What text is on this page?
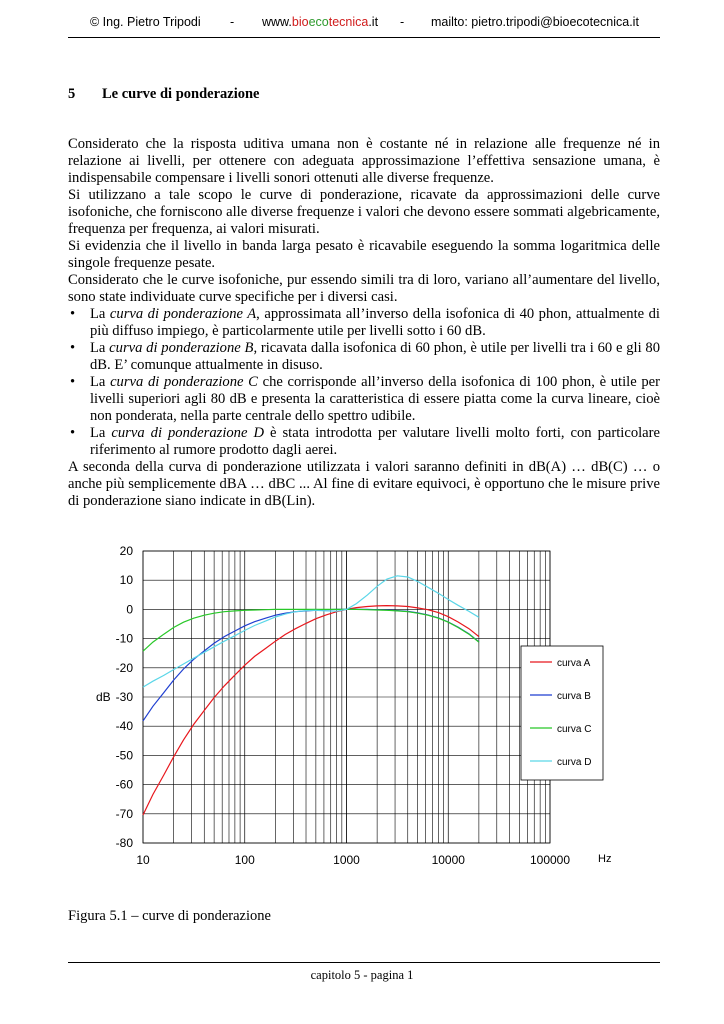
© Ing. Pietro Tripodi - www.bioecotecnica.it - mailto: pietro.tripodi@bioecotecnica.it
5 Le curve di ponderazione

Considerato che la risposta uditiva umana non è costante né in relazione alle frequenze né in relazione ai livelli, per ottenere con adeguata approssimazione l’effettiva sensazione umana, è indispensabile compensare i livelli sonori ottenuti alle diverse frequenze.

Si utilizzano a tale scopo le curve di ponderazione, ricavate da approssimazioni delle curve isofoniche, che forniscono alle diverse frequenze i valori che devono essere sommati algebricamente, frequenza per frequenza, ai valori misurati.

Si evidenzia che il livello in banda larga pesato è ricavabile eseguendo la somma logaritmica delle singole frequenze pesate.

Considerato che le curve isofoniche, pur essendo simili tra di loro, variano all’aumentare del livello, sono state individuate curve specifiche per i diversi casi.

• La curva di ponderazione A, approssimata all’inverso della isofonica di 40 phon, attualmente di più diffuso impiego, è particolarmente utile per livelli sotto i 60 dB.
• La curva di ponderazione B, ricavata dalla isofonica di 60 phon, è utile per livelli tra i 60 e gli 80 dB. E’ comunque attualmente in disuso.
• La curva di ponderazione C che corrisponde all’inverso della isofonica di 100 phon, è utile per livelli superiori agli 80 dB e presenta la caratteristica di essere piatta come la curva lineare, cioè non ponderata, nella parte centrale dello spettro udibile.
• La curva di ponderazione D è stata introdotta per valutare livelli molto forti, con particolare riferimento al rumore prodotto dagli aerei.

A seconda della curva di ponderazione utilizzata i valori saranno definiti in dB(A) … dB(C) … o anche più semplicemente dBA … dBC ... Al fine di evitare equivoci, è opportuno che le misure prive di ponderazione siano indicate in dB(Lin).

20
10
0
-10
-20
-30
-40
-50
-60
-70
-80
10	100	1000	10000	100000
dB
Hz
curva A
curva B
curva C
curva D
Figura 5.1 – curve di ponderazione
capitolo 5 - pagina 1
